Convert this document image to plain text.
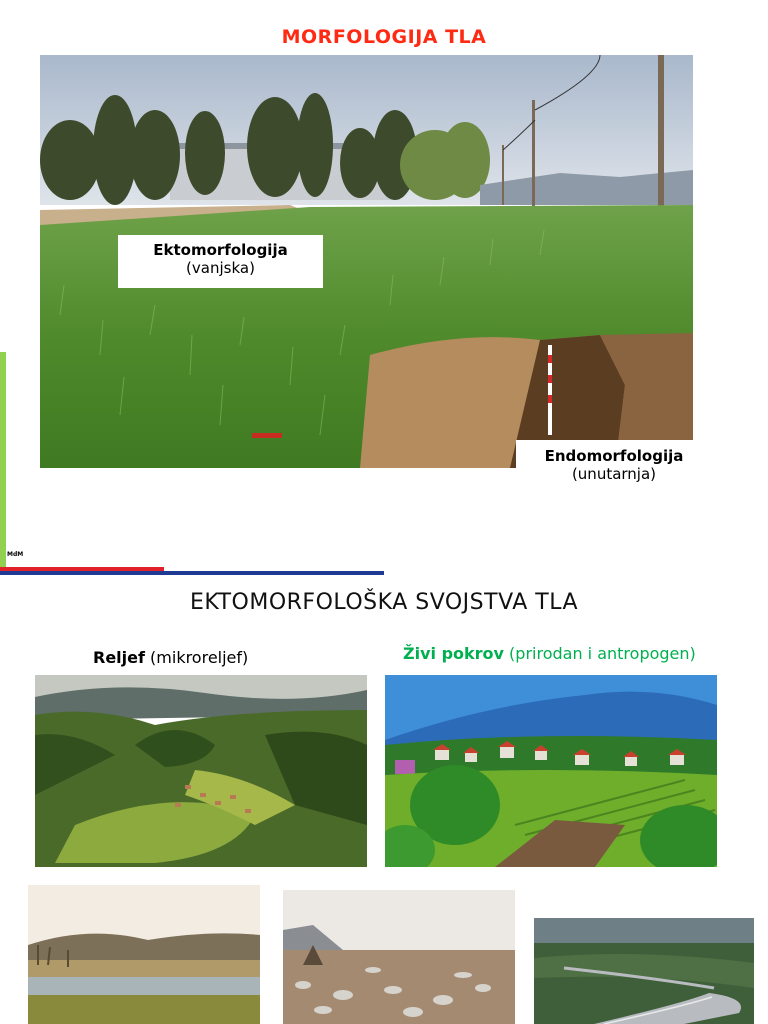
MORFOLOGIJA TLA
Ektomorfologija
(vanjska)
Endomorfologija
(unutarnja)
MdM
EKTOMORFOLOŠKA SVOJSTVA TLA
Reljef (mikroreljef)	Živi pokrov (prirodan i antropogen)
